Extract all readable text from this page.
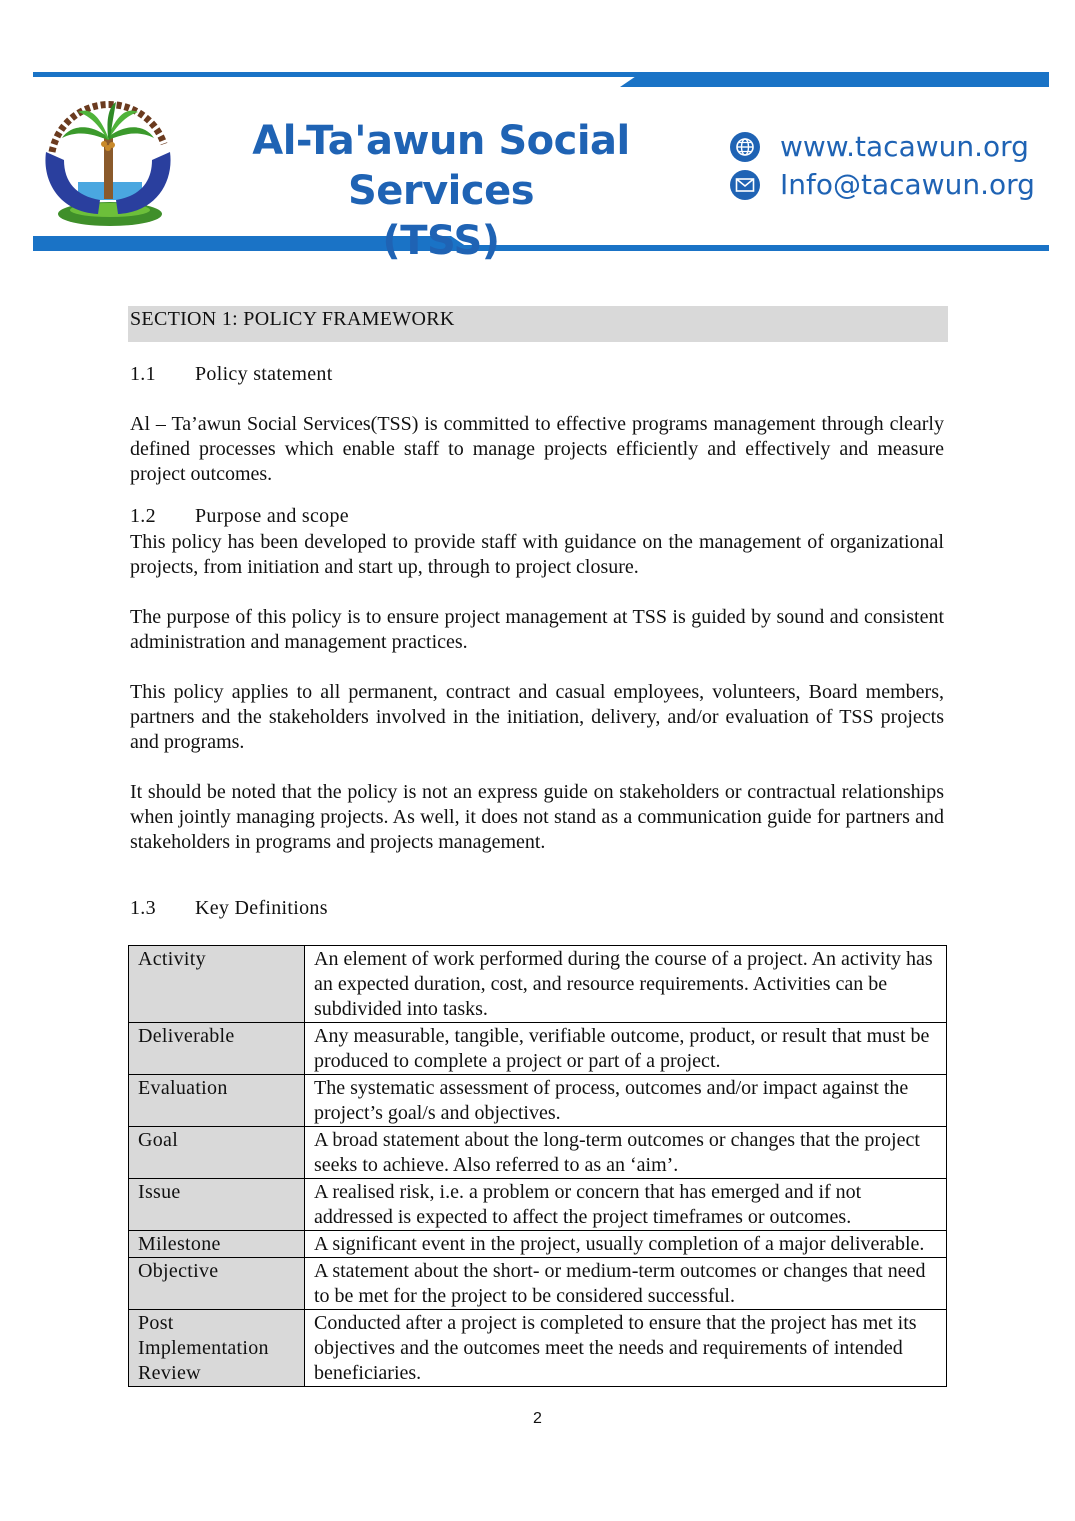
Al-Ta'awun Social Services
(TSS)
www.tacawun.org
Info@tacawun.org
SECTION 1: POLICY FRAMEWORK
1.1 Policy statement
Al – Ta’awun Social Services(TSS) is committed to effective programs management through clearly defined processes which enable staff to manage projects efficiently and effectively and measure project outcomes.
1.2 Purpose and scope
This policy has been developed to provide staff with guidance on the management of organizational projects, from initiation and start up, through to project closure.
The purpose of this policy is to ensure project management at TSS is guided by sound and consistent administration and management practices.
This policy applies to all permanent, contract and casual employees, volunteers, Board members, partners and the stakeholders involved in the initiation, delivery, and/or evaluation of TSS projects and programs.
It should be noted that the policy is not an express guide on stakeholders or contractual relationships when jointly managing projects. As well, it does not stand as a communication guide for partners and stakeholders in programs and projects management.
1.3 Key Definitions
Activity	An element of work performed during the course of a project. An activity has an expected duration, cost, and resource requirements. Activities can be subdivided into tasks.
Deliverable	Any measurable, tangible, verifiable outcome, product, or result that must be produced to complete a project or part of a project.
Evaluation	The systematic assessment of process, outcomes and/or impact against the project’s goal/s and objectives.
Goal	A broad statement about the long-term outcomes or changes that the project seeks to achieve. Also referred to as an ‘aim’.
Issue	A realised risk, i.e. a problem or concern that has emerged and if not addressed is expected to affect the project timeframes or outcomes.
Milestone	A significant event in the project, usually completion of a major deliverable.
Objective	A statement about the short- or medium-term outcomes or changes that need to be met for the project to be considered successful.
Post Implementation Review	Conducted after a project is completed to ensure that the project has met its objectives and the outcomes meet the needs and requirements of intended beneficiaries.
2
